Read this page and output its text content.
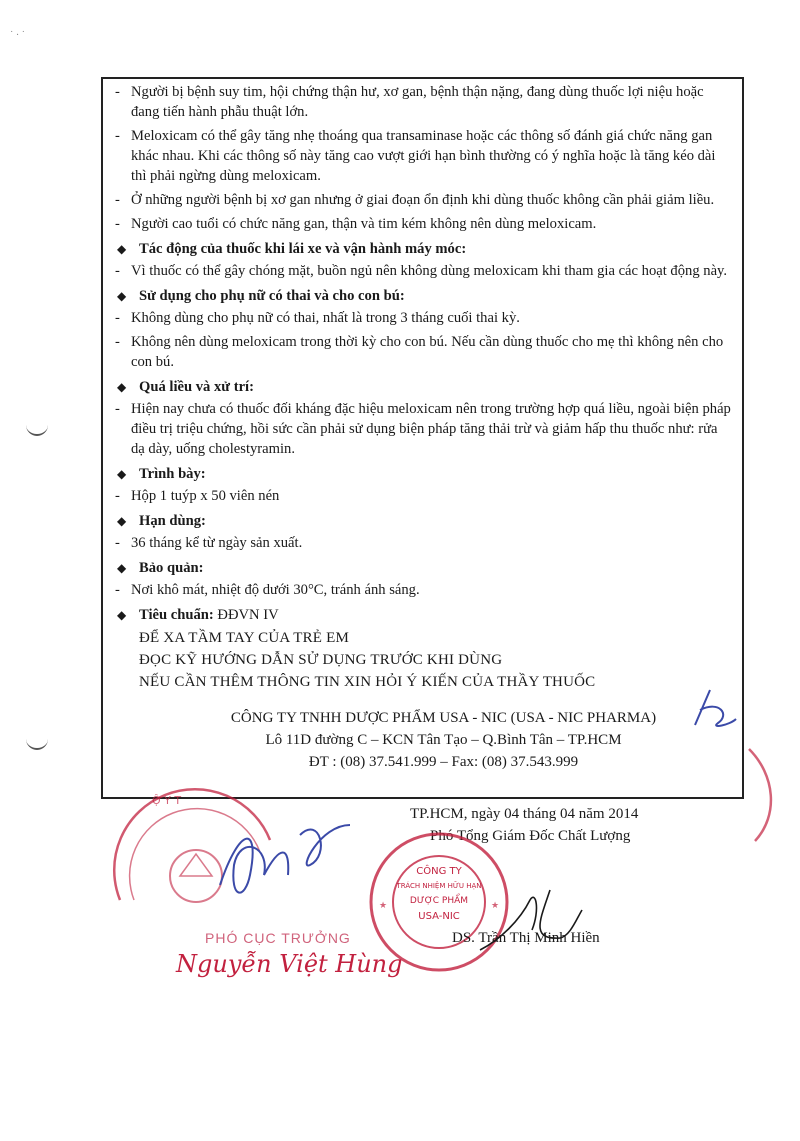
˙ · ˙
- Người bị bệnh suy tim, hội chứng thận hư, xơ gan, bệnh thận nặng, đang dùng thuốc lợi niệu hoặc đang tiến hành phẫu thuật lớn.
- Meloxicam có thể gây tăng nhẹ thoáng qua transaminase hoặc các thông số đánh giá chức năng gan khác nhau. Khi các thông số này tăng cao vượt giới hạn bình thường có ý nghĩa hoặc là tăng kéo dài thì phải ngừng dùng meloxicam.
- Ở những người bệnh bị xơ gan nhưng ở giai đoạn ổn định khi dùng thuốc không cần phải giảm liều.
- Người cao tuổi có chức năng gan, thận và tim kém không nên dùng meloxicam.
◆ Tác động của thuốc khi lái xe và vận hành máy móc:
- Vì thuốc có thể gây chóng mặt, buồn ngủ nên không dùng meloxicam khi tham gia các hoạt động này.
◆ Sử dụng cho phụ nữ có thai và cho con bú:
- Không dùng cho phụ nữ có thai, nhất là trong 3 tháng cuối thai kỳ.
- Không nên dùng meloxicam trong thời kỳ cho con bú. Nếu cần dùng thuốc cho mẹ thì không nên cho con bú.
◆ Quá liều và xử trí:
- Hiện nay chưa có thuốc đối kháng đặc hiệu meloxicam nên trong trường hợp quá liều, ngoài biện pháp điều trị triệu chứng, hồi sức cần phải sử dụng biện pháp tăng thải trừ và giảm hấp thu thuốc như: rửa dạ dày, uống cholestyramin.
◆ Trình bày:
- Hộp 1 tuýp x 50 viên nén
◆ Hạn dùng:
- 36 tháng kể từ ngày sản xuất.
◆ Bảo quản:
- Nơi khô mát, nhiệt độ dưới 30°C, tránh ánh sáng.
◆ Tiêu chuẩn: ĐĐVN IV
ĐỂ XA TẦM TAY CỦA TRẺ EM
ĐỌC KỸ HƯỚNG DẪN SỬ DỤNG TRƯỚC KHI DÙNG
NẾU CẦN THÊM THÔNG TIN XIN HỎI Ý KIẾN CỦA THẦY THUỐC
CÔNG TY TNHH DƯỢC PHẨM USA - NIC (USA - NIC PHARMA)
Lô 11D đường C – KCN Tân Tạo – Q.Bình Tân – TP.HCM
ĐT : (08) 37.541.999 – Fax: (08) 37.543.999
Ộ Y T
TP.HCM, ngày 04 tháng 04 năm 2014
Phó Tổng Giám Đốc Chất Lượng
★	★
CÔNG TY
TRÁCH NHIỆM HỮU HẠN
DƯỢC PHẨM
USA-NIC
DS. Trần Thị Minh Hiền
PHÓ CỤC TRƯỞNG
Nguyễn Việt Hùng
